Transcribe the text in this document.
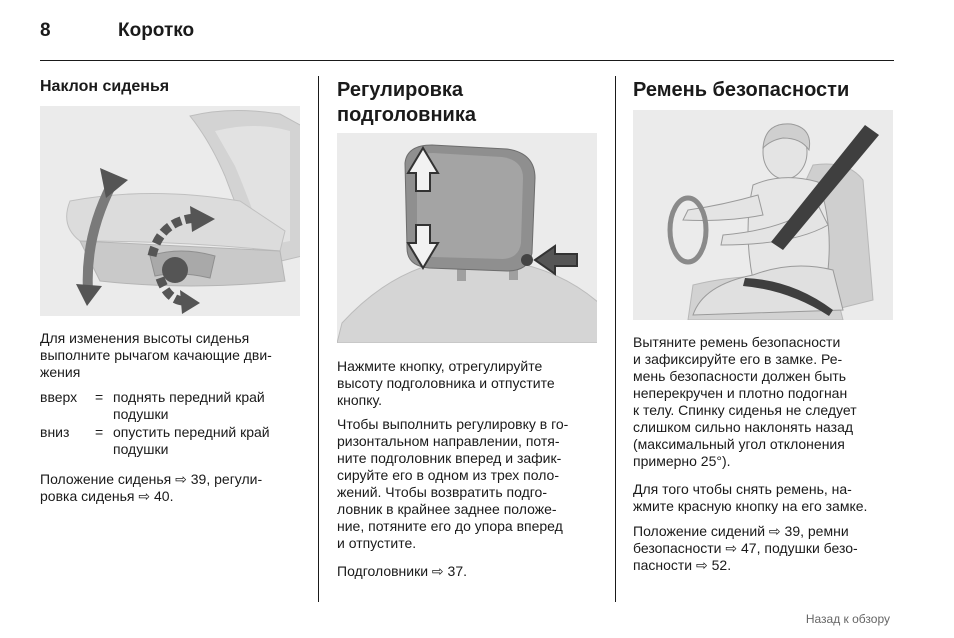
8	Коротко
Наклон сиденья

Для изменения высоты сиденья

выполните рычагом качающие дви-

жения

вверх = поднять передний край
подушки
вниз = опустить передний край
подушки

Положение сиденья ⇨ 39, регули-

ровка сиденья ⇨ 40.

Регулировка
подголовника

Нажмите кнопку, отрегулируйте

высоту подголовника и отпустите

кнопку.

Чтобы выполнить регулировку в го-

ризонтальном направлении, потя-

ните подголовник вперед и зафик-

сируйте его в одном из трех поло-

жений. Чтобы возвратить подго-

ловник в крайнее заднее положе-

ние, потяните его до упора вперед

и отпустите.

Подголовники ⇨ 37.

Ремень безопасности

Вытяните ремень безопасности

и зафиксируйте его в замке. Ре-

мень безопасности должен быть

неперекручен и плотно подогнан

к телу. Спинку сиденья не следует

слишком сильно наклонять назад

(максимальный угол отклонения

примерно 25°).

Для того чтобы снять ремень, на-

жмите красную кнопку на его замке.

Положение сидений ⇨ 39, ремни

безопасности ⇨ 47, подушки безо-

пасности ⇨ 52.

Назад к обзору
